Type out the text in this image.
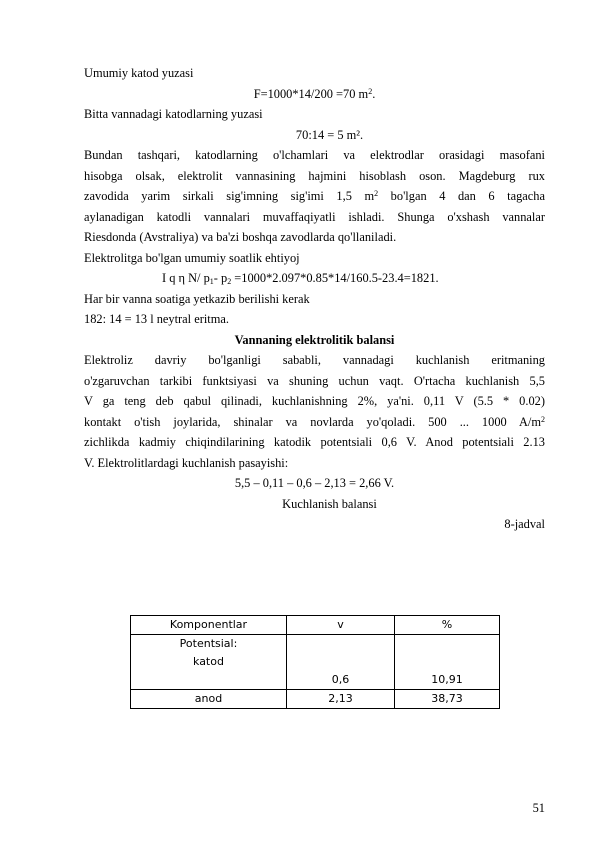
Umumiy katod yuzasi
F=1000*14/200 =70 $m^2$.
Bitta vannadagi katodlarning yuzasi
70:14 = 5 m².
Bundan tashqari, katodlarning o'lchamlari va elektrodlar orasidagi masofani
hisobga olsak, elektrolit vannasining hajmini hisoblash oson. Magdeburg rux
zavodida yarim sirkali sig'imning sig'imi 1,5 $m^2$ bo'lgan 4 dan 6 tagacha
aylanadigan katodli vannalari muvaffaqiyatli ishladi. Shunga o'xshash vannalar
Riesdonda (Avstraliya) va ba'zi boshqa zavodlarda qo'llaniladi.
Elektrolitga bo'lgan umumiy soatlik ehtiyoj
I q η N/ $p_1-$ $p_2 =1000*2.097*0.85*14/160.5-23.4=1821$.
Har bir vanna soatiga yetkazib berilishi kerak
182: 14 = 13 l neytral eritma.
Vannaning elektrolitik balansi
Elektroliz davriy bo'lganligi sababli, vannadagi kuchlanish eritmaning
o'zgaruvchan tarkibi funktsiyasi va shuning uchun vaqt. O'rtacha kuchlanish 5,5
V ga teng deb qabul qilinadi, kuchlanishning 2%, ya'ni. 0,11 V (5.5 * 0.02)
kontakt o'tish joylarida, shinalar va novlarda yo'qoladi. 500 ... 1000 $A/m^2$
zichlikda kadmiy chiqindilarining katodik potentsiali 0,6 V. Anod potentsiali 2.13
V. Elektrolitlardagi kuchlanish pasayishi:
5,5 – 0,11 – 0,6 – 2,13 = 2,66 V.
Kuchlanish balansi
8-jadval
Komponentlar	v	%

Potentsial:
katod	0,6	10,91
anod	2,13	38,73
51
